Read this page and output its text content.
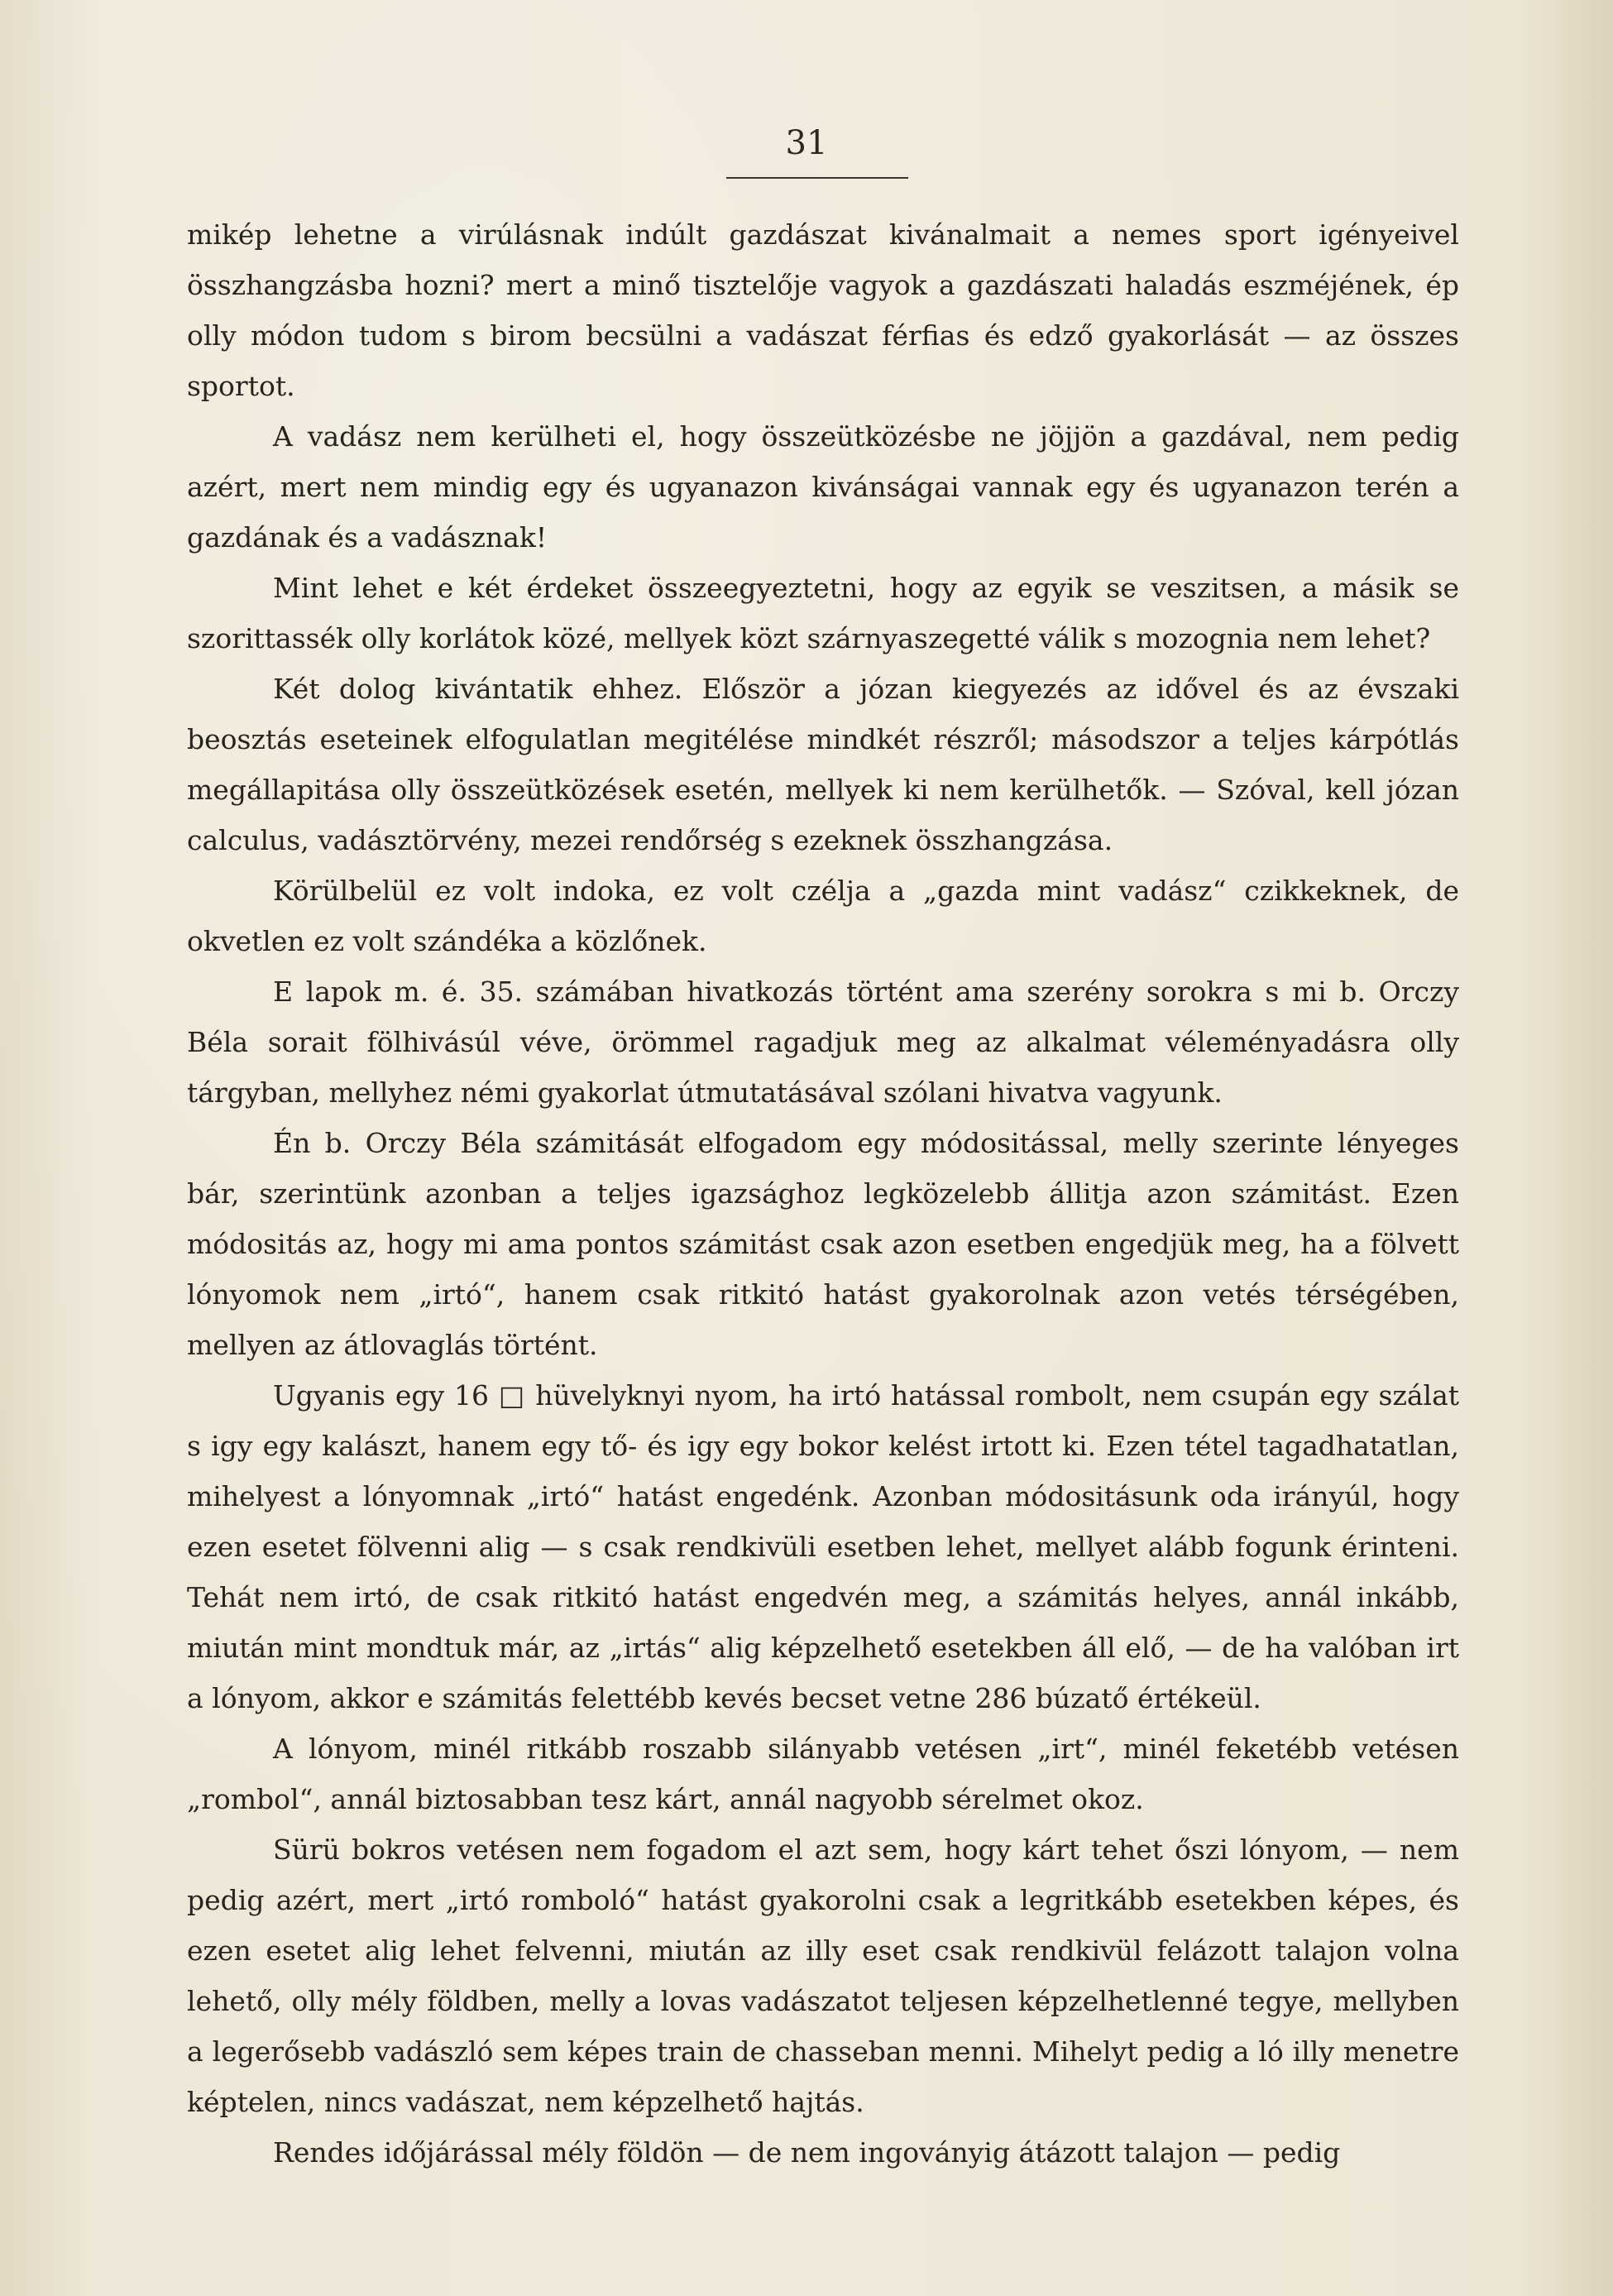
31

mikép lehetne a virúlásnak indúlt gazdászat kivánalmait a nemes sport igényeivel összhangzásba hozni? mert a minő tisztelője vagyok a gazdászati haladás eszméjének, ép olly módon tudom s birom becsülni a vadászat férfias és edző gyakorlását — az összes sportot.

A vadász nem kerülheti el, hogy összeütközésbe ne jöjjön a gazdával, nem pedig azért, mert nem mindig egy és ugyanazon kivánságai vannak egy és ugyanazon terén a gazdának és a vadásznak!

Mint lehet e két érdeket összeegyeztetni, hogy az egyik se veszitsen, a másik se szorittassék olly korlátok közé, mellyek közt szárnyaszegetté válik s mozognia nem lehet?

Két dolog kivántatik ehhez. Először a józan kiegyezés az idővel és az évszaki beosztás eseteinek elfogulatlan megitélése mindkét részről; másodszor a teljes kárpótlás megállapitása olly összeütközések esetén, mellyek ki nem kerülhetők. — Szóval, kell józan calculus, vadásztörvény, mezei rendőrség s ezeknek összhangzása.

Körülbelül ez volt indoka, ez volt czélja a „gazda mint vadász“ czikkeknek, de okvetlen ez volt szándéka a közlőnek.

E lapok m. é. 35. számában hivatkozás történt ama szerény sorokra s mi b. Orczy Béla sorait fölhivásúl véve, örömmel ragadjuk meg az alkalmat véleményadásra olly tárgyban, mellyhez némi gyakorlat útmutatásával szólani hivatva vagyunk.

Én b. Orczy Béla számitását elfogadom egy módositással, melly szerinte lényeges bár, szerintünk azonban a teljes igazsághoz legközelebb állitja azon számitást. Ezen módositás az, hogy mi ama pontos számitást csak azon esetben engedjük meg, ha a fölvett lónyomok nem „irtó“, hanem csak ritkitó hatást gyakorolnak azon vetés térségében, mellyen az átlovaglás történt.

Ugyanis egy 16 □ hüvelyknyi nyom, ha irtó hatással rombolt, nem csupán egy szálat s igy egy kalászt, hanem egy tő- és igy egy bokor kelést irtott ki. Ezen tétel tagadhatatlan, mihelyest a lónyomnak „irtó“ hatást engedénk. Azonban módositásunk oda irányúl, hogy ezen esetet fölvenni alig — s csak rendkivüli esetben lehet, mellyet alább fogunk érinteni. Tehát nem irtó, de csak ritkitó hatást engedvén meg, a számitás helyes, annál inkább, miután mint mondtuk már, az „irtás“ alig képzelhető esetekben áll elő, — de ha valóban irt a lónyom, akkor e számitás felettébb kevés becset vetne 286 búzatő értékeül.

A lónyom, minél ritkább roszabb silányabb vetésen „irt“, minél feketébb vetésen „rombol“, annál biztosabban tesz kárt, annál nagyobb sérelmet okoz.

Sürü bokros vetésen nem fogadom el azt sem, hogy kárt tehet őszi lónyom, — nem pedig azért, mert „irtó romboló“ hatást gyakorolni csak a legritkább esetekben képes, és ezen esetet alig lehet felvenni, miután az illy eset csak rendkivül felázott talajon volna lehető, olly mély földben, melly a lovas vadászatot teljesen képzelhetlenné tegye, mellyben a legerősebb vadászló sem képes train de chasseban menni. Mihelyt pedig a ló illy menetre képtelen, nincs vadászat, nem képzelhető hajtás.

Rendes időjárással mély földön — de nem ingoványig átázott talajon — pedig
